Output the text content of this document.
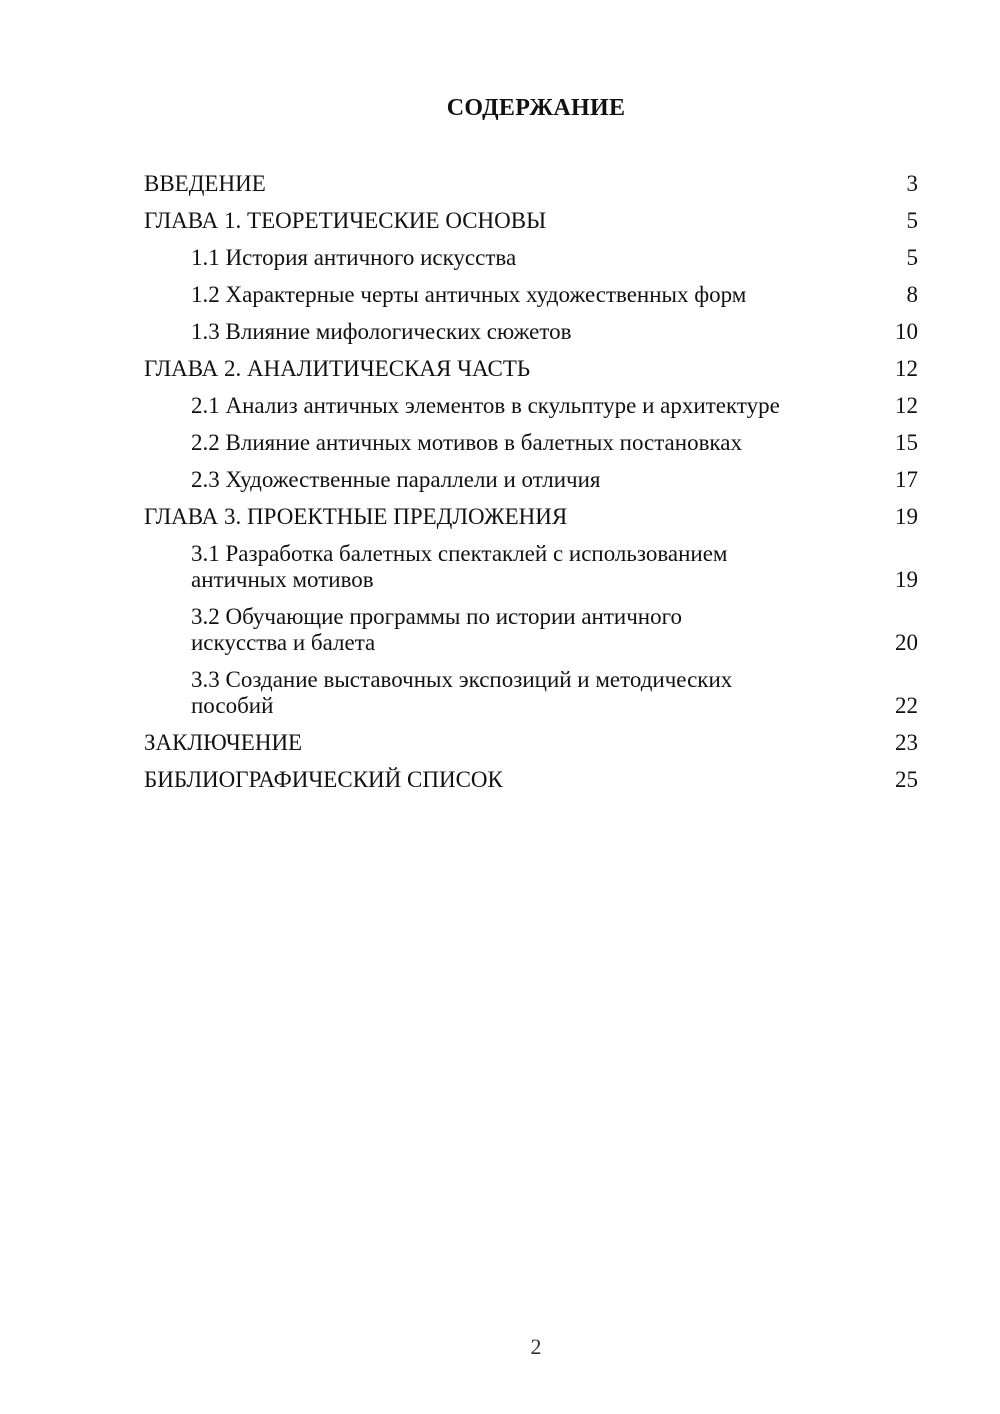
СОДЕРЖАНИЕ
ВВЕДЕНИЕ	3
ГЛАВА 1. ТЕОРЕТИЧЕСКИЕ ОСНОВЫ	5
1.1 История античного искусства	5
1.2 Характерные черты античных художественных форм	8
1.3 Влияние мифологических сюжетов	10
ГЛАВА 2. АНАЛИТИЧЕСКАЯ ЧАСТЬ	12
2.1 Анализ античных элементов в скульптуре и архитектуре	12
2.2 Влияние античных мотивов в балетных постановках	15
2.3 Художественные параллели и отличия	17
ГЛАВА 3. ПРОЕКТНЫЕ ПРЕДЛОЖЕНИЯ	19
3.1 Разработка балетных спектаклей с использованием античных мотивов	19
3.2 Обучающие программы по истории античного искусства и балета	20
3.3 Создание выставочных экспозиций и методических пособий	22
ЗАКЛЮЧЕНИЕ	23
БИБЛИОГРАФИЧЕСКИЙ СПИСОК	25
2
